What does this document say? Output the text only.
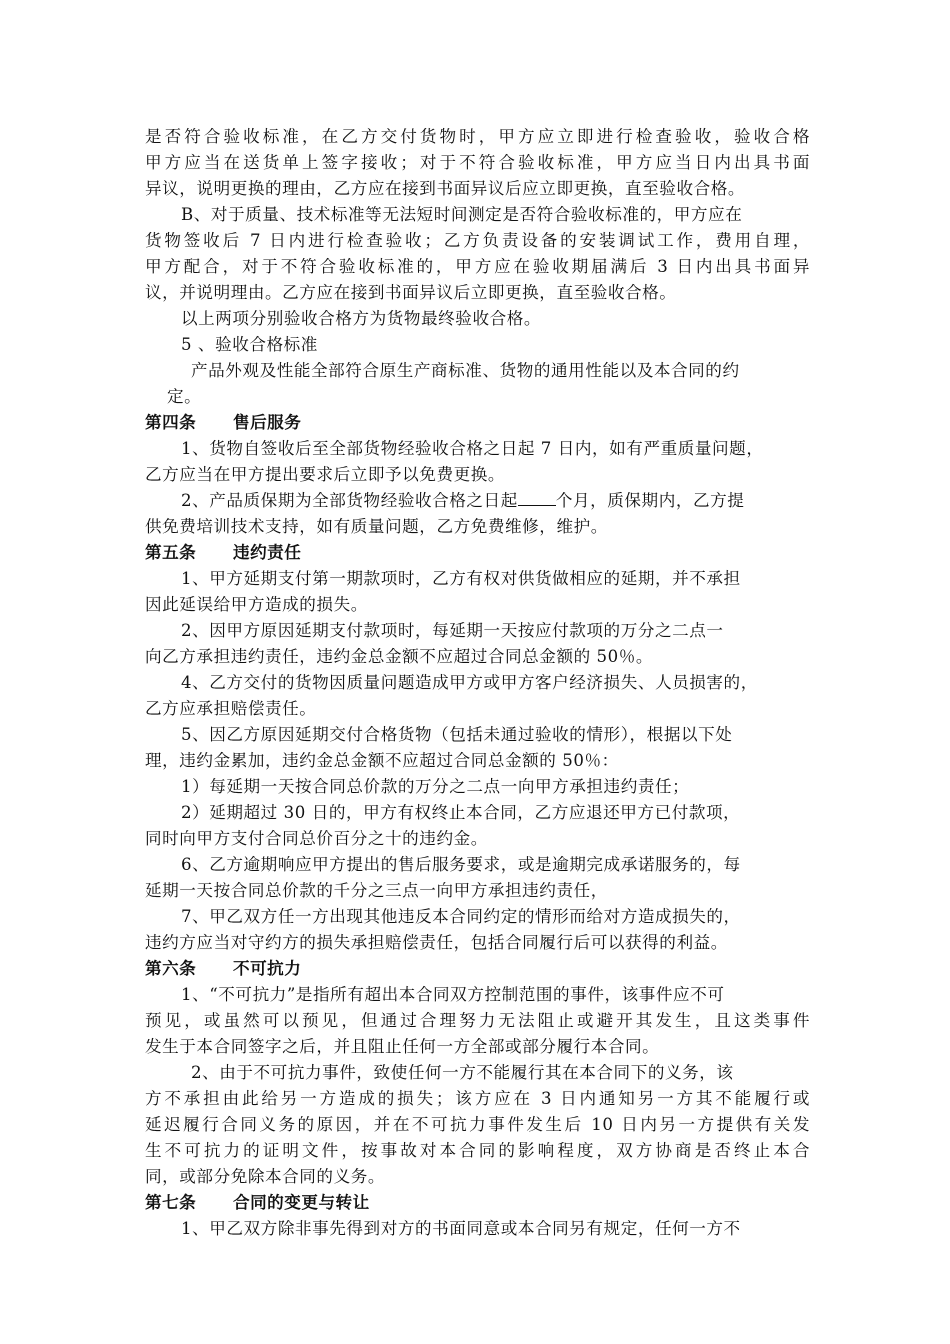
是否符合验收标准，在乙方交付货物时，甲方应立即进行检查验收，验收合格
甲方应当在送货单上签字接收；对于不符合验收标准，甲方应当日内出具书面
异议，说明更换的理由，乙方应在接到书面异议后应立即更换，直至验收合格。
B、对于质量、技术标准等无法短时间测定是否符合验收标准的，甲方应在
货物签收后 7 日内进行检查验收；乙方负责设备的安装调试工作，费用自理，
甲方配合，对于不符合验收标准的，甲方应在验收期届满后 3 日内出具书面异
议，并说明理由。乙方应在接到书面异议后立即更换，直至验收合格。
以上两项分别验收合格方为货物最终验收合格。
5 、验收合格标准
产品外观及性能全部符合原生产商标准、货物的通用性能以及本合同的约
定。
第四条 售后服务
1、货物自签收后至全部货物经验收合格之日起 7 日内，如有严重质量问题，
乙方应当在甲方提出要求后立即予以免费更换。
2、产品质保期为全部货物经验收合格之日起 个月，质保期内，乙方提
供免费培训技术支持，如有质量问题，乙方免费维修，维护。
第五条 违约责任
1、甲方延期支付第一期款项时，乙方有权对供货做相应的延期，并不承担
因此延误给甲方造成的损失。
2、因甲方原因延期支付款项时，每延期一天按应付款项的万分之二点一
向乙方承担违约责任，违约金总金额不应超过合同总金额的 50％。
4、乙方交付的货物因质量问题造成甲方或甲方客户经济损失、人员损害的，
乙方应承担赔偿责任。
5、因乙方原因延期交付合格货物（包括未通过验收的情形），根据以下处
理，违约金累加，违约金总金额不应超过合同总金额的 50％：
1）每延期一天按合同总价款的万分之二点一向甲方承担违约责任；
2）延期超过 30 日的，甲方有权终止本合同，乙方应退还甲方已付款项，
同时向甲方支付合同总价百分之十的违约金。
6、乙方逾期响应甲方提出的售后服务要求，或是逾期完成承诺服务的，每
延期一天按合同总价款的千分之三点一向甲方承担违约责任，
7、甲乙双方任一方出现其他违反本合同约定的情形而给对方造成损失的，
违约方应当对守约方的损失承担赔偿责任，包括合同履行后可以获得的利益。
第六条 不可抗力
1、“不可抗力”是指所有超出本合同双方控制范围的事件，该事件应不可
预见，或虽然可以预见，但通过合理努力无法阻止或避开其发生，且这类事件
发生于本合同签字之后，并且阻止任何一方全部或部分履行本合同。
2、由于不可抗力事件，致使任何一方不能履行其在本合同下的义务，该
方不承担由此给另一方造成的损失；该方应在 3 日内通知另一方其不能履行或
延迟履行合同义务的原因，并在不可抗力事件发生后 10 日内另一方提供有关发
生不可抗力的证明文件，按事故对本合同的影响程度，双方协商是否终止本合
同，或部分免除本合同的义务。
第七条 合同的变更与转让
1、甲乙双方除非事先得到对方的书面同意或本合同另有规定，任何一方不
